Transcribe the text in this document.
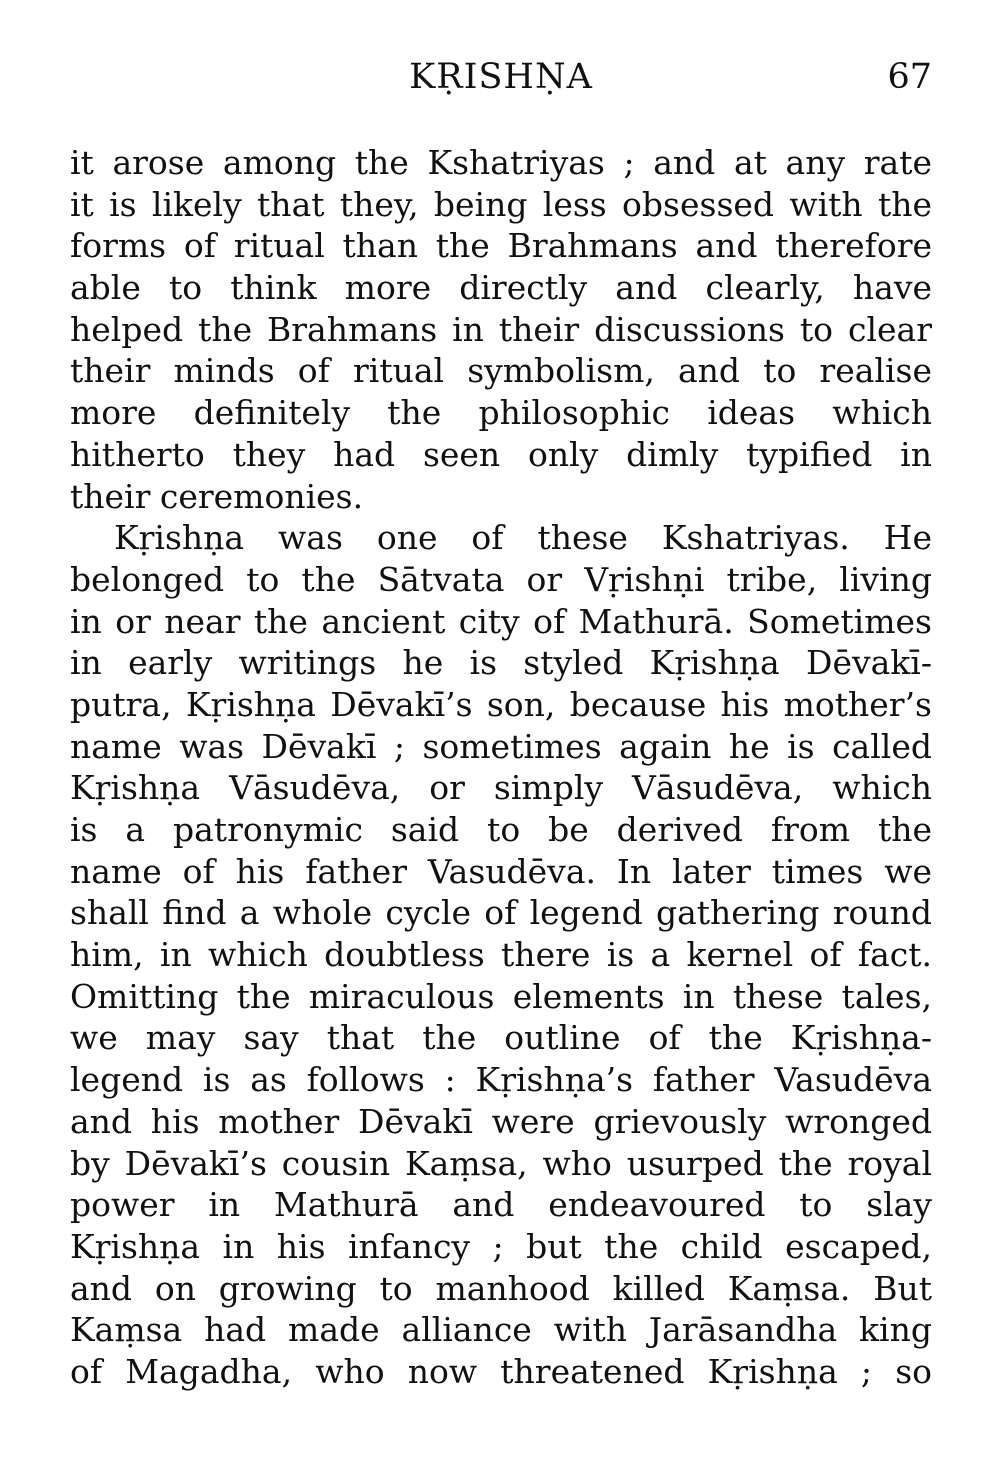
KṚISHṆA	67
it arose among the Kshatriyas ; and at any rate
it is likely that they, being less obsessed with the
forms of ritual than the Brahmans and therefore
able to think more directly and clearly, have
helped the Brahmans in their discussions to clear
their minds of ritual symbolism, and to realise
more definitely the philosophic ideas which
hitherto they had seen only dimly typified in
their ceremonies.
Kṛishṇa was one of these Kshatriyas. He
belonged to the Sātvata or Vṛishṇi tribe, living
in or near the ancient city of Mathurā. Sometimes
in early writings he is styled Kṛishṇa Dēvakī-
putra, Kṛishṇa Dēvakī’s son, because his mother’s
name was Dēvakī ; sometimes again he is called
Kṛishṇa Vāsudēva, or simply Vāsudēva, which
is a patronymic said to be derived from the
name of his father Vasudēva. In later times we
shall find a whole cycle of legend gathering round
him, in which doubtless there is a kernel of fact.
Omitting the miraculous elements in these tales,
we may say that the outline of the Kṛishṇa-
legend is as follows : Kṛishṇa’s father Vasudēva
and his mother Dēvakī were grievously wronged
by Dēvakī’s cousin Kaṃsa, who usurped the royal
power in Mathurā and endeavoured to slay
Kṛishṇa in his infancy ; but the child escaped,
and on growing to manhood killed Kaṃsa. But
Kaṃsa had made alliance with Jarāsandha king
of Magadha, who now threatened Kṛishṇa ; so
